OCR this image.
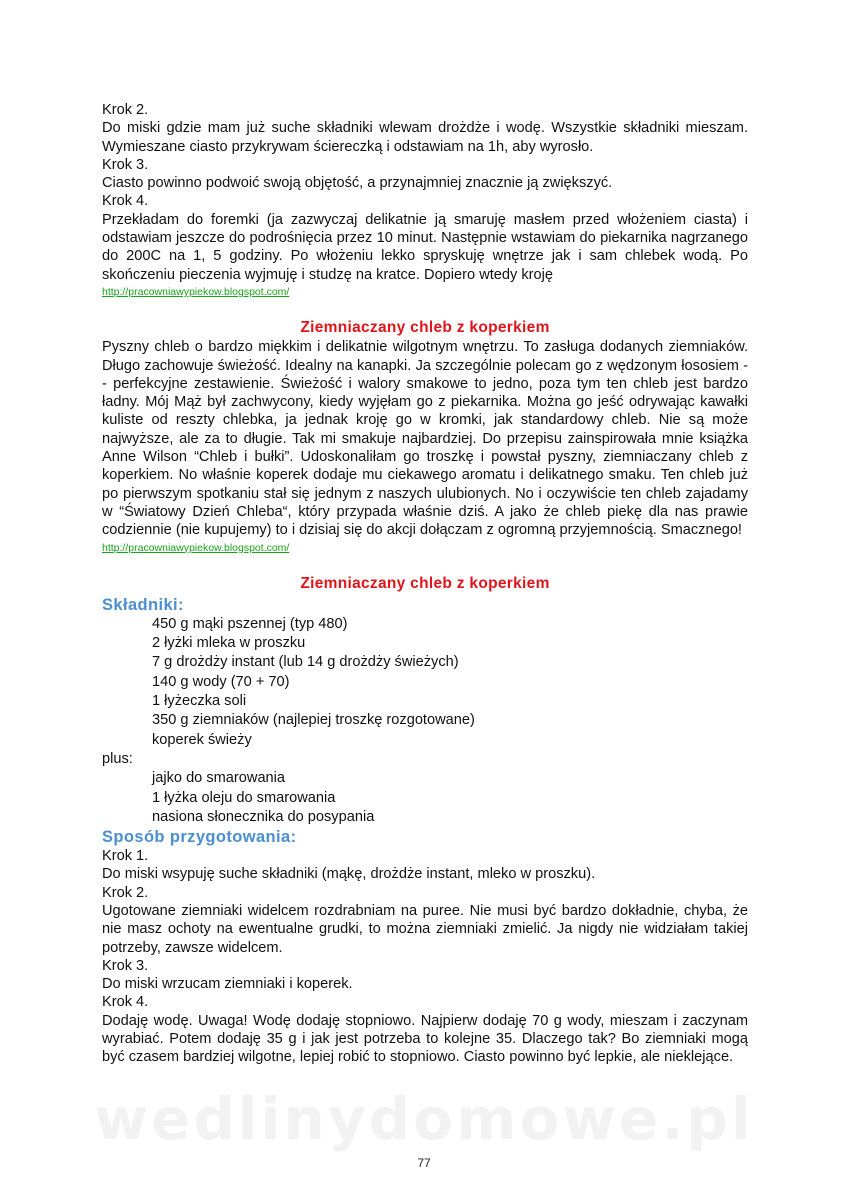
wedlinydomowe.pl
Krok 2.

Do miski gdzie mam już suche składniki wlewam drożdże i wodę. Wszystkie składniki mieszam. Wymieszane ciasto przykrywam ściereczką i odstawiam na 1h, aby wyrosło.

Krok 3.

Ciasto powinno podwoić swoją objętość, a przynajmniej znacznie ją zwiększyć.

Krok 4.

Przekładam do foremki (ja zazwyczaj delikatnie ją smaruję masłem przed włożeniem ciasta) i odstawiam jeszcze do podrośnięcia przez 10 minut. Następnie wstawiam do piekarnika nagrzanego do 200C na 1, 5 godziny. Po włożeniu lekko spryskuję wnętrze jak i sam chlebek wodą. Po skończeniu pieczenia wyjmuję i studzę na kratce. Dopiero wtedy kroję

http://pracowniawypiekow.blogspot.com/
Ziemniaczany chleb z koperkiem

Pyszny chleb o bardzo miękkim i delikatnie wilgotnym wnętrzu. To zasługa dodanych ziemniaków. Długo zachowuje świeżość. Idealny na kanapki. Ja szczególnie polecam go z wędzonym łososiem -- perfekcyjne zestawienie. Świeżość i walory smakowe to jedno, poza tym ten chleb jest bardzo ładny. Mój Mąż był zachwycony, kiedy wyjęłam go z piekarnika. Można go jeść odrywając kawałki kuliste od reszty chlebka, ja jednak kroję go w kromki, jak standardowy chleb. Nie są może najwyższe, ale za to długie. Tak mi smakuje najbardziej. Do przepisu zainspirowała mnie książka Anne Wilson “Chleb i bułki”. Udoskonaliłam go troszkę i powstał pyszny, ziemniaczany chleb z koperkiem. No właśnie koperek dodaje mu ciekawego aromatu i delikatnego smaku. Ten chleb już po pierwszym spotkaniu stał się jednym z naszych ulubionych. No i oczywiście ten chleb zajadamy w “Światowy Dzień Chleba“, który przypada właśnie dziś. A jako że chleb piekę dla nas prawie codziennie (nie kupujemy) to i dzisiaj się do akcji dołączam z ogromną przyjemnością. Smacznego!

http://pracowniawypiekow.blogspot.com/
Ziemniaczany chleb z koperkiem
Składniki:
450 g mąki pszennej (typ 480)
2 łyżki mleka w proszku
7 g drożdży instant (lub 14 g drożdży świeżych)
140 g wody (70 + 70)
1 łyżeczka soli
350 g ziemniaków (najlepiej troszkę rozgotowane)
koperek świeży
plus:
jajko do smarowania
1 łyżka oleju do smarowania
nasiona słonecznika do posypania
Sposób przygotowania:
Krok 1.

Do miski wsypuję suche składniki (mąkę, drożdże instant, mleko w proszku).

Krok 2.

Ugotowane ziemniaki widelcem rozdrabniam na puree. Nie musi być bardzo dokładnie, chyba, że nie masz ochoty na ewentualne grudki, to można ziemniaki zmielić. Ja nigdy nie widziałam takiej potrzeby, zawsze widelcem.

Krok 3.

Do miski wrzucam ziemniaki i koperek.

Krok 4.

Dodaję wodę. Uwaga! Wodę dodaję stopniowo. Najpierw dodaję 70 g wody, mieszam i zaczynam wyrabiać. Potem dodaję 35 g i jak jest potrzeba to kolejne 35. Dlaczego tak? Bo ziemniaki mogą być czasem bardziej wilgotne, lepiej robić to stopniowo. Ciasto powinno być lepkie, ale nieklejące.

77
